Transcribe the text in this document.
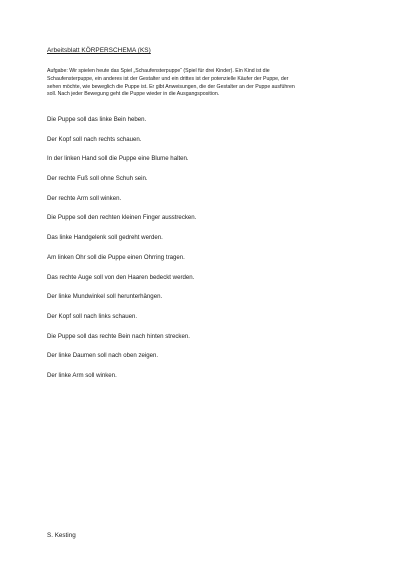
Arbeitsblatt KÖRPERSCHEMA (KS)
Aufgabe: Wir spielen heute das Spiel „Schaufensterpuppe“ (Spiel für drei Kinder). Ein Kind ist die
Schaufensterpuppe, ein anderes ist der Gestalter und ein drittes ist der potenzielle Käufer der Puppe, der
sehen möchte, wie beweglich die Puppe ist. Er gibt Anweisungen, die der Gestalter an der Puppe ausführen
soll. Nach jeder Bewegung geht die Puppe wieder in die Ausgangsposition.
Die Puppe soll das linke Bein heben.
Der Kopf soll nach rechts schauen.
In der linken Hand soll die Puppe eine Blume halten.
Der rechte Fuß soll ohne Schuh sein.
Der rechte Arm soll winken.
Die Puppe soll den rechten kleinen Finger ausstrecken.
Das linke Handgelenk soll gedreht werden.
Am linken Ohr soll die Puppe einen Ohrring tragen.
Das rechte Auge soll von den Haaren bedeckt werden.
Der linke Mundwinkel soll herunterhängen.
Der Kopf soll nach links schauen.
Die Puppe soll das rechte Bein nach hinten strecken.
Der linke Daumen soll nach oben zeigen.
Der linke Arm soll winken.
S. Kesting
